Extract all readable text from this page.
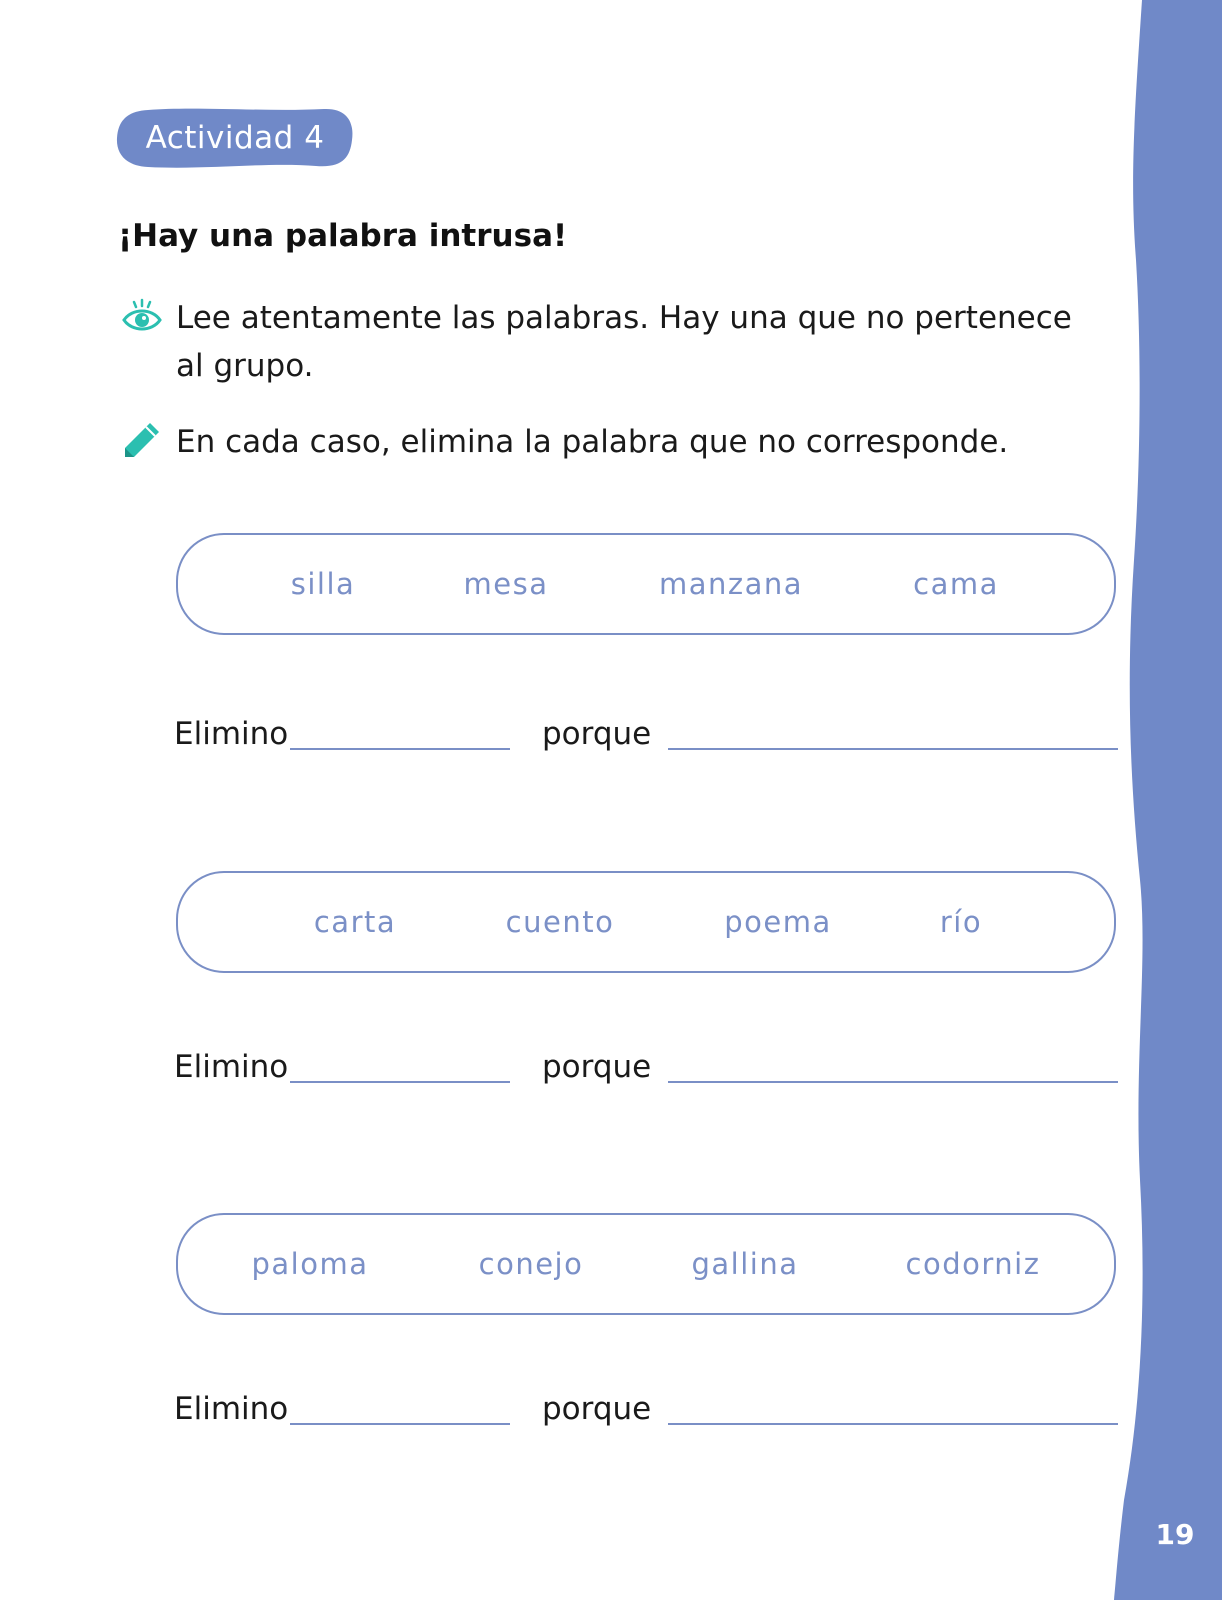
19
Actividad 4
¡Hay una palabra intrusa!
Lee atentamente las palabras. Hay una que no pertenece al grupo.
En cada caso, elimina la palabra que no corresponde.
silla	mesa	manzana	cama
Elimino	porque
carta	cuento	poema	río
Elimino	porque
paloma	conejo	gallina	codorniz
Elimino	porque
